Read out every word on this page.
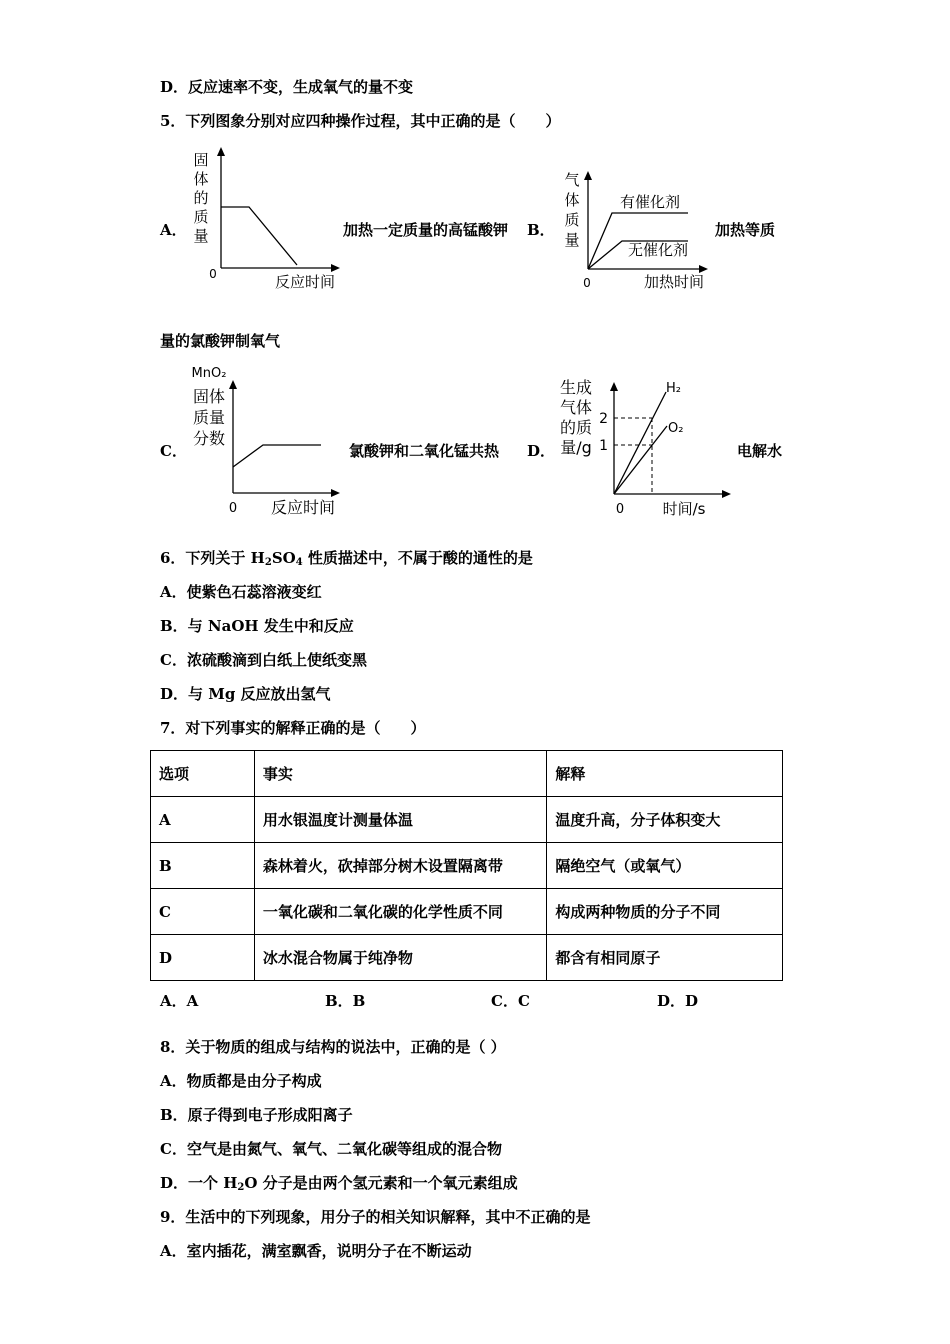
D．反应速率不变，生成氧气的量不变
5．下列图象分别对应四种操作过程，其中正确的是（　　）
A．
固
体
的
质
量
0	反应时间
加热一定质量的高锰酸钾 B．
气
体
质
量
有催化剂
无催化剂
0	加热时间
加热等质
量的氯酸钾制氧气
C．
MnO₂
固体
质量
分数
0 反应时间
氯酸钾和二氧化锰共热 D．
生成
气体
的质
量/g
2
1
H₂
O₂
0	时间/s
电解水
6．下列关于 $H_2SO_4$ 性质描述中，不属于酸的通性的是
A．使紫色石蕊溶液变红
B．与 NaOH 发生中和反应
C．浓硫酸滴到白纸上使纸变黑
D．与 Mg 反应放出氢气
7．对下列事实的解释正确的是（　　）
选项	事实	解释
A	用水银温度计测量体温	温度升高，分子体积变大
B	森林着火，砍掉部分树木设置隔离带	隔绝空气（或氧气）
C	一氧化碳和二氧化碳的化学性质不同	构成两种物质的分子不同
D	冰水混合物属于纯净物	都含有相同原子
A．A	B．B	C．C	D．D
8．关于物质的组成与结构的说法中，正确的是（ ）
A．物质都是由分子构成
B．原子得到电子形成阳离子
C．空气是由氮气、氧气、二氧化碳等组成的混合物
D．一个 $H_2O$ 分子是由两个氢元素和一个氧元素组成
9．生活中的下列现象，用分子的相关知识解释，其中不正确的是
A．室内插花，满室飘香，说明分子在不断运动
